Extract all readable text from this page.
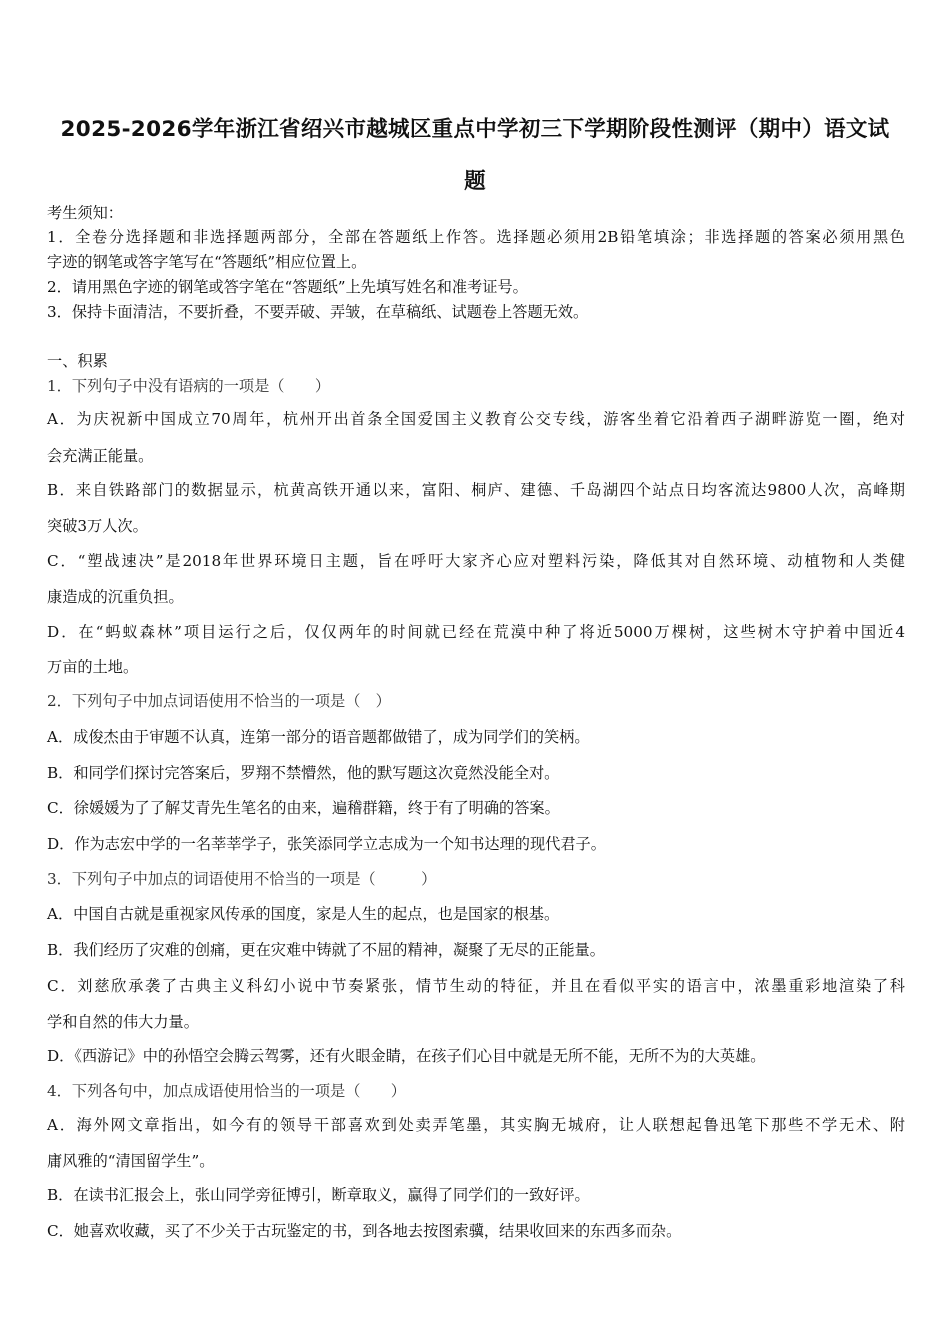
2025-2026学年浙江省绍兴市越城区重点中学初三下学期阶段性测评（期中）语文试
题
考生须知：
1．全卷分选择题和非选择题两部分，全部在答题纸上作答。选择题必须用2B铅笔填涂；非选择题的答案必须用黑色
字迹的钢笔或答字笔写在“答题纸”相应位置上。
2．请用黑色字迹的钢笔或答字笔在“答题纸”上先填写姓名和准考证号。
3．保持卡面清洁，不要折叠，不要弄破、弄皱，在草稿纸、试题卷上答题无效。
一、积累
1．下列句子中没有语病的一项是（　　）
A．为庆祝新中国成立70周年，杭州开出首条全国爱国主义教育公交专线，游客坐着它沿着西子湖畔游览一圈，绝对
会充满正能量。
B．来自铁路部门的数据显示，杭黄高铁开通以来，富阳、桐庐、建德、千岛湖四个站点日均客流达9800人次，高峰期
突破3万人次。
C．“塑战速决”是2018年世界环境日主题，旨在呼吁大家齐心应对塑料污染，降低其对自然环境、动植物和人类健
康造成的沉重负担。
D．在“蚂蚁森林”项目运行之后，仅仅两年的时间就已经在荒漠中种了将近5000万棵树，这些树木守护着中国近4
万亩的土地。
2．下列句子中加点词语使用不恰当的一项是（　）
A．成俊杰由于审题不认真，连第一部分的语音题都做错了，成为同学们的笑柄。
B．和同学们探讨完答案后，罗翔不禁懵然，他的默写题这次竟然没能全对。
C．徐媛媛为了了解艾青先生笔名的由来，遍稽群籍，终于有了明确的答案。
D．作为志宏中学的一名莘莘学子，张笑添同学立志成为一个知书达理的现代君子。
3．下列句子中加点的词语使用不恰当的一项是（　　　）
A．中国自古就是重视家风传承的国度，家是人生的起点，也是国家的根基。
B．我们经历了灾难的创痛，更在灾难中铸就了不屈的精神，凝聚了无尽的正能量。
C．刘慈欣承袭了古典主义科幻小说中节奏紧张，情节生动的特征，并且在看似平实的语言中，浓墨重彩地渲染了科
学和自然的伟大力量。
D．《西游记》中的孙悟空会腾云驾雾，还有火眼金睛，在孩子们心目中就是无所不能，无所不为的大英雄。
4．下列各句中，加点成语使用恰当的一项是（　　）
A．海外网文章指出，如今有的领导干部喜欢到处卖弄笔墨，其实胸无城府，让人联想起鲁迅笔下那些不学无术、附
庸风雅的“清国留学生”。
B．在读书汇报会上，张山同学旁征博引，断章取义，赢得了同学们的一致好评。
C．她喜欢收藏，买了不少关于古玩鉴定的书，到各地去按图索骥，结果收回来的东西多而杂。
